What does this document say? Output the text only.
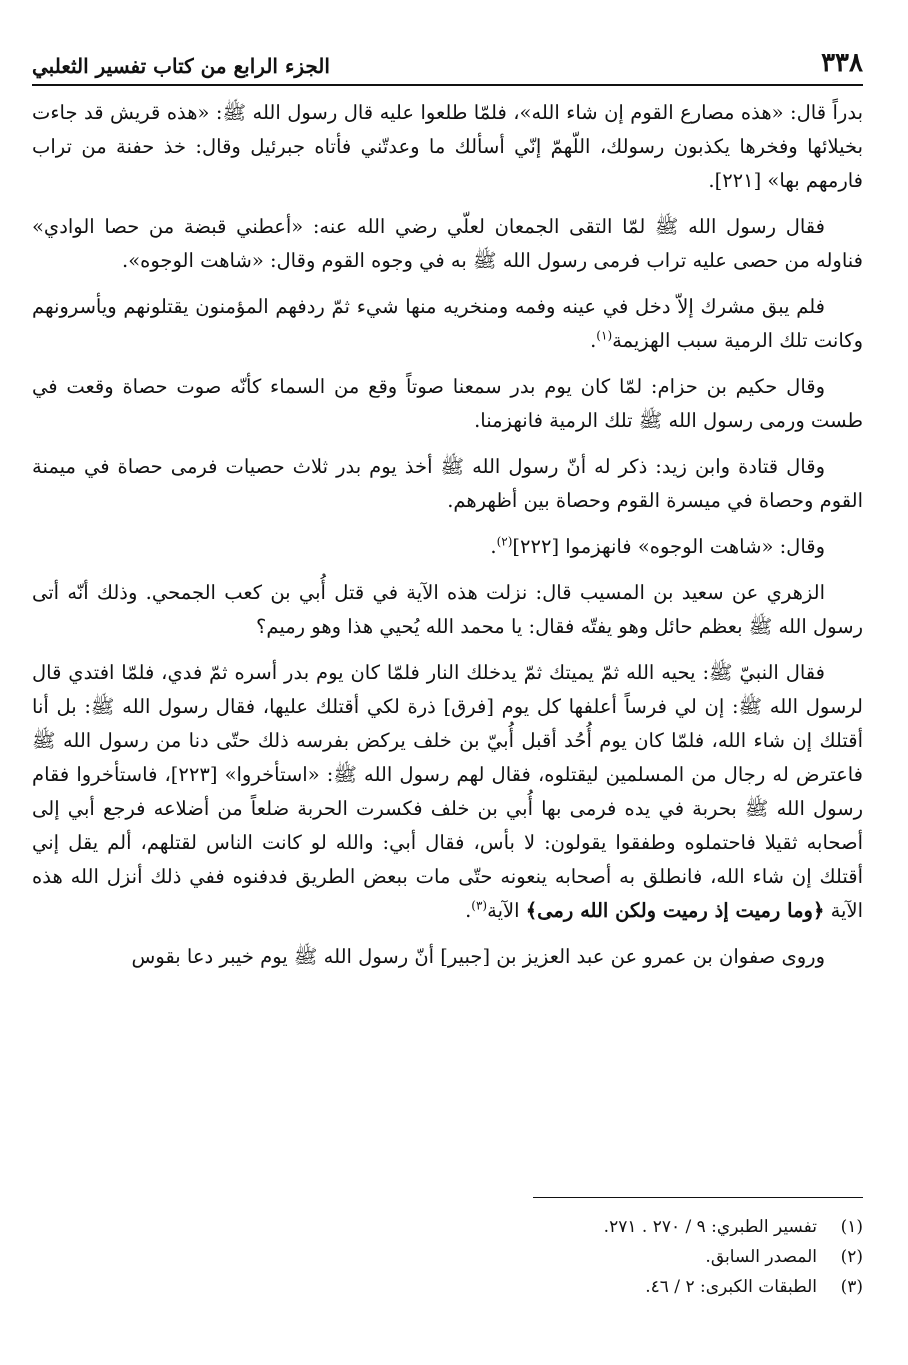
٣٣٨
الجزء الرابع من كتاب تفسير الثعلبي

بدراً قال: «هذه مصارع القوم إن شاء الله»، فلمّا طلعوا عليه قال رسول الله ﷺ: «هذه قريش قد جاءت بخيلائها وفخرها يكذبون رسولك، اللّهمّ إنّي أسألك ما وعدتّني فأتاه جبرئيل وقال: خذ حفنة من تراب فارمهم بها» [٢٢١].

فقال رسول الله ﷺ لمّا التقى الجمعان لعلّي رضي الله عنه: «أعطني قبضة من حصا الوادي» فناوله من حصى عليه تراب فرمى رسول الله ﷺ به في وجوه القوم وقال: «شاهت الوجوه».

فلم يبق مشرك إلاّ دخل في عينه وفمه ومنخريه منها شيء ثمّ ردفهم المؤمنون يقتلونهم ويأسرونهم وكانت تلك الرمية سبب الهزيمة$^{(١)}$.

وقال حكيم بن حزام: لمّا كان يوم بدر سمعنا صوتاً وقع من السماء كأنّه صوت حصاة وقعت في طست ورمى رسول الله ﷺ تلك الرمية فانهزمنا.

وقال قتادة وابن زيد: ذكر له أنّ رسول الله ﷺ أخذ يوم بدر ثلاث حصيات فرمى حصاة في ميمنة القوم وحصاة في ميسرة القوم وحصاة بين أظهرهم.

وقال: «شاهت الوجوه» فانهزموا [٢٢٢]$^{(٢)}$.

الزهري عن سعيد بن المسيب قال: نزلت هذه الآية في قتل أُبي بن كعب الجمحي. وذلك أنّه أتى رسول الله ﷺ بعظم حائل وهو يفتّه فقال: يا محمد الله يُحيي هذا وهو رميم؟

فقال النبيّ ﷺ: يحيه الله ثمّ يميتك ثمّ يدخلك النار فلمّا كان يوم بدر أسره ثمّ فدي، فلمّا افتدي قال لرسول الله ﷺ: إن لي فرساً أعلفها كل يوم [فرق] ذرة لكي أقتلك عليها، فقال رسول الله ﷺ: بل أنا أقتلك إن شاء الله، فلمّا كان يوم أُحُد أقبل أُبيّ بن خلف يركض بفرسه ذلك حتّى دنا من رسول الله ﷺ فاعترض له رجال من المسلمين ليقتلوه، فقال لهم رسول الله ﷺ: «استأخروا» [٢٢٣]، فاستأخروا فقام رسول الله ﷺ بحربة في يده فرمى بها أُبي بن خلف فكسرت الحربة ضلعاً من أضلاعه فرجع أبي إلى أصحابه ثقيلا فاحتملوه وطفقوا يقولون: لا بأس، فقال أبي: والله لو كانت الناس لقتلهم، ألم يقل إني أقتلك إن شاء الله، فانطلق به أصحابه ينعونه حتّى مات ببعض الطريق فدفنوه ففي ذلك أنزل الله هذه الآية ﴿وما رميت إذ رميت ولكن الله رمى﴾ الآية$^{(٣)}$.

وروى صفوان بن عمرو عن عبد العزيز بن [جبير] أنّ رسول الله ﷺ يوم خيبر دعا بقوس

(١)
تفسير الطبري: ٩ / ٢٧٠ . ٢٧١.
(٢)
المصدر السابق.
(٣)
الطبقات الكبرى: ٢ / ٤٦.
